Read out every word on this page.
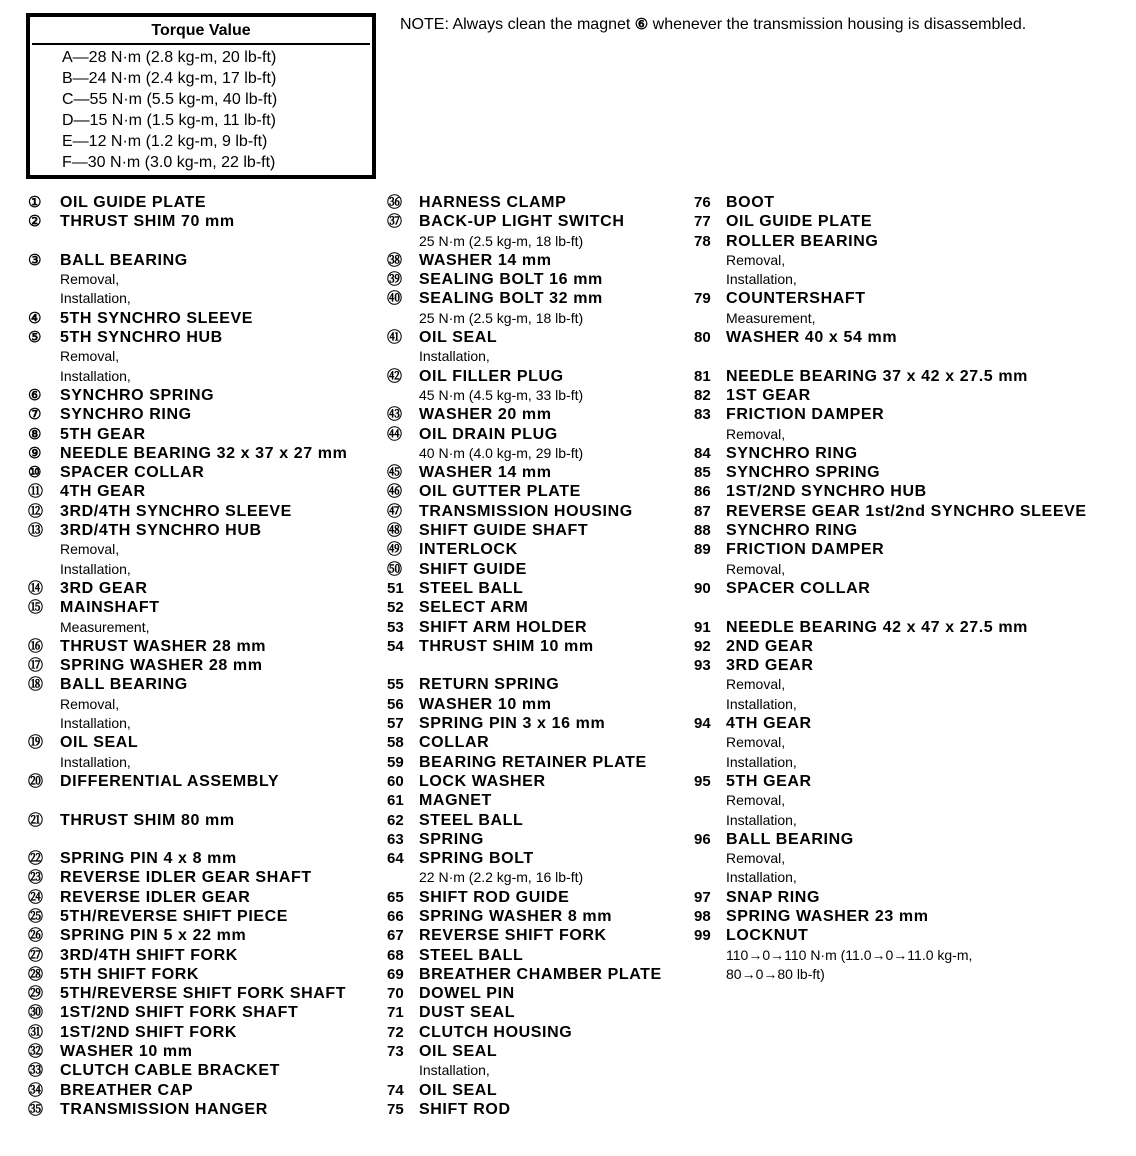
Torque Value
A—28 N·m (2.8 kg-m, 20 lb-ft)
B—24 N·m (2.4 kg-m, 17 lb-ft)
C—55 N·m (5.5 kg-m, 40 lb-ft)
D—15 N·m (1.5 kg-m, 11 lb-ft)
E—12 N·m (1.2 kg-m, 9 lb-ft)
F—30 N·m (3.0 kg-m, 22 lb-ft)
NOTE: Always clean the magnet ⑥ whenever the transmission housing is disassembled.
①	OIL GUIDE PLATE
②	THRUST SHIM 70 mm
③	BALL BEARING
Removal,
Installation,
④	5TH SYNCHRO SLEEVE
⑤	5TH SYNCHRO HUB
Removal,
Installation,
⑥	SYNCHRO SPRING
⑦	SYNCHRO RING
⑧	5TH GEAR
⑨	NEEDLE BEARING 32 x 37 x 27 mm
⑩	SPACER COLLAR
⑪	4TH GEAR
⑫	3RD/4TH SYNCHRO SLEEVE
⑬	3RD/4TH SYNCHRO HUB
Removal,
Installation,
⑭	3RD GEAR
⑮	MAINSHAFT
Measurement,
⑯	THRUST WASHER 28 mm
⑰	SPRING WASHER 28 mm
⑱	BALL BEARING
Removal,
Installation,
⑲	OIL SEAL
Installation,
⑳	DIFFERENTIAL ASSEMBLY
㉑	THRUST SHIM 80 mm
㉒	SPRING PIN 4 x 8 mm
㉓	REVERSE IDLER GEAR SHAFT
㉔	REVERSE IDLER GEAR
㉕	5TH/REVERSE SHIFT PIECE
㉖	SPRING PIN 5 x 22 mm
㉗	3RD/4TH SHIFT FORK
㉘	5TH SHIFT FORK
㉙	5TH/REVERSE SHIFT FORK SHAFT
㉚	1ST/2ND SHIFT FORK SHAFT
㉛	1ST/2ND SHIFT FORK
㉜	WASHER 10 mm
㉝	CLUTCH CABLE BRACKET
㉞	BREATHER CAP
㉟	TRANSMISSION HANGER
㊱	HARNESS CLAMP
㊲	BACK-UP LIGHT SWITCH
25 N·m (2.5 kg-m, 18 lb-ft)
㊳	WASHER 14 mm
㊴	SEALING BOLT 16 mm
㊵	SEALING BOLT 32 mm
25 N·m (2.5 kg-m, 18 lb-ft)
㊶	OIL SEAL
Installation,
㊷	OIL FILLER PLUG
45 N·m (4.5 kg-m, 33 lb-ft)
㊸	WASHER 20 mm
㊹	OIL DRAIN PLUG
40 N·m (4.0 kg-m, 29 lb-ft)
㊺	WASHER 14 mm
㊻	OIL GUTTER PLATE
㊼	TRANSMISSION HOUSING
㊽	SHIFT GUIDE SHAFT
㊾	INTERLOCK
㊿	SHIFT GUIDE
51 STEEL BALL
52 SELECT ARM
53 SHIFT ARM HOLDER
54 THRUST SHIM 10 mm
55 RETURN SPRING
56 WASHER 10 mm
57 SPRING PIN 3 x 16 mm
58 COLLAR
59 BEARING RETAINER PLATE
60 LOCK WASHER
61 MAGNET
62 STEEL BALL
63 SPRING
64 SPRING BOLT
22 N·m (2.2 kg-m, 16 lb-ft)
65 SHIFT ROD GUIDE
66 SPRING WASHER 8 mm
67 REVERSE SHIFT FORK
68 STEEL BALL
69 BREATHER CHAMBER PLATE
70 DOWEL PIN
71 DUST SEAL
72 CLUTCH HOUSING
73 OIL SEAL
Installation,
74 OIL SEAL
75 SHIFT ROD
76 BOOT
77 OIL GUIDE PLATE
78 ROLLER BEARING
Removal,
Installation,
79 COUNTERSHAFT
Measurement,
80 WASHER 40 x 54 mm
81 NEEDLE BEARING 37 x 42 x 27.5 mm
82 1ST GEAR
83 FRICTION DAMPER
Removal,
84 SYNCHRO RING
85 SYNCHRO SPRING
86 1ST/2ND SYNCHRO HUB
87 REVERSE GEAR 1st/2nd SYNCHRO SLEEVE
88 SYNCHRO RING
89 FRICTION DAMPER
Removal,
90 SPACER COLLAR
91 NEEDLE BEARING 42 x 47 x 27.5 mm
92 2ND GEAR
93 3RD GEAR
Removal,
Installation,
94 4TH GEAR
Removal,
Installation,
95 5TH GEAR
Removal,
Installation,
96 BALL BEARING
Removal,
Installation,
97 SNAP RING
98 SPRING WASHER 23 mm
99 LOCKNUT
110→0→110 N·m (11.0→0→11.0 kg-m,
80→0→80 lb-ft)
